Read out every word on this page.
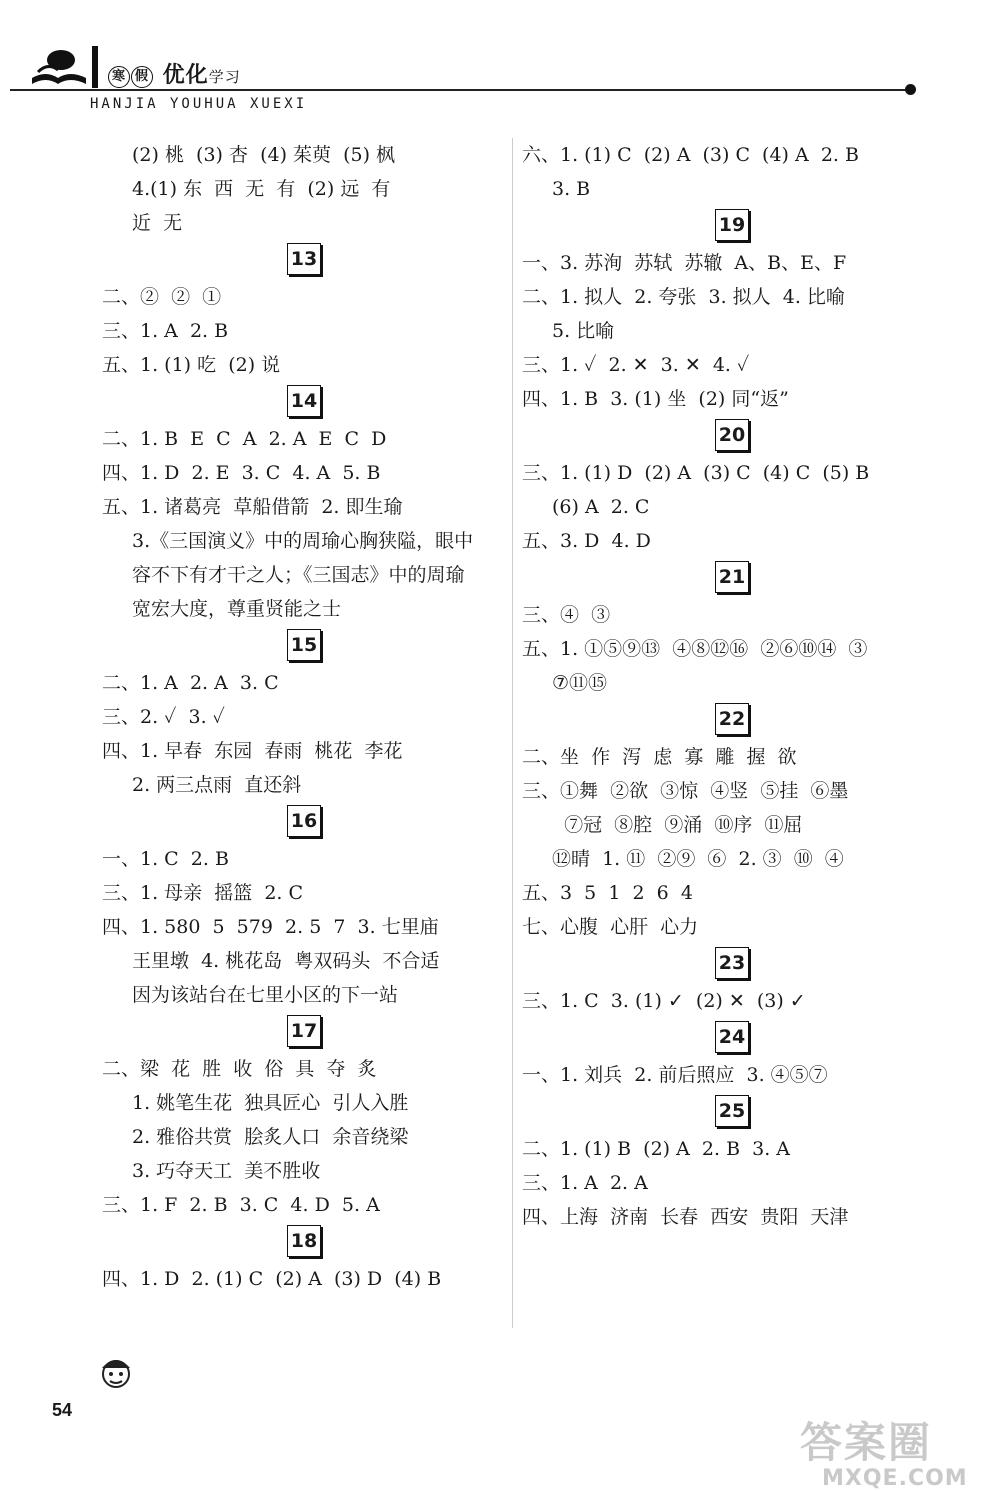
寒 假 优化学习
HANJIA YOUHUA XUEXI
(2) 桃  (3) 杏  (4) 茱萸  (5) 枫
4.(1) 东  西  无  有  (2) 远  有
近  无
13
二、②  ②  ①
三、1. A  2. B
五、1. (1) 吃  (2) 说
14
二、1. B  E  C  A  2. A  E  C  D
四、1. D  2. E  3. C  4. A  5. B
五、1. 诸葛亮  草船借箭  2. 即生瑜
3.《三国演义》中的周瑜心胸狭隘，眼中
容不下有才干之人；《三国志》中的周瑜
宽宏大度，尊重贤能之士
15
二、1. A  2. A  3. C
三、2. ✓  3. ✓
四、1. 早春  东园  春雨  桃花  李花
2. 两三点雨  直还斜
16
一、1. C  2. B
三、1. 母亲  摇篮  2. C
四、1. 580  5  579  2. 5  7  3. 七里庙
王里墩  4. 桃花岛  粤双码头  不合适
因为该站台在七里小区的下一站
17
二、梁  花  胜  收  俗  具  夺  炙
1. 姚笔生花  独具匠心  引人入胜
2. 雅俗共赏  脍炙人口  余音绕梁
3. 巧夺天工  美不胜收
三、1. F  2. B  3. C  4. D  5. A
18
四、1. D  2. (1) C  (2) A  (3) D  (4) B
六、1. (1) C  (2) A  (3) C  (4) A  2. B
3. B
19
一、3. 苏洵  苏轼  苏辙  A、B、E、F
二、1. 拟人  2. 夸张  3. 拟人  4. 比喻
5. 比喻
三、1. ✓  2. ✕  3. ✕  4. ✓
四、1. B  3. (1) 坐  (2) 同“返”
20
三、1. (1) D  (2) A  (3) C  (4) C  (5) B
(6) A  2. C
五、3. D  4. D
21
三、④  ③
五、1. ①⑤⑨⑬  ④⑧⑫⑯  ②⑥⑩⑭  ③
⑦⑪⑮
22
二、坐  作  泻  虑  寡  雕  握  欲
三、①舞  ②欲  ③惊  ④竖  ⑤挂  ⑥墨
⑦冠  ⑧腔  ⑨涌  ⑩序  ⑪屈
⑫晴  1. ⑪  ②⑨  ⑥  2. ③  ⑩  ④
五、3  5  1  2  6  4
七、心腹  心肝  心力
23
三、1. C  3. (1) ✓  (2) ✕  (3) ✓
24
一、1. 刘兵  2. 前后照应  3. ④⑤⑦
25
二、1. (1) B  (2) A  2. B  3. A
三、1. A  2. A
四、上海  济南  长春  西安  贵阳  天津
54
答案圈
MXQE.COM
